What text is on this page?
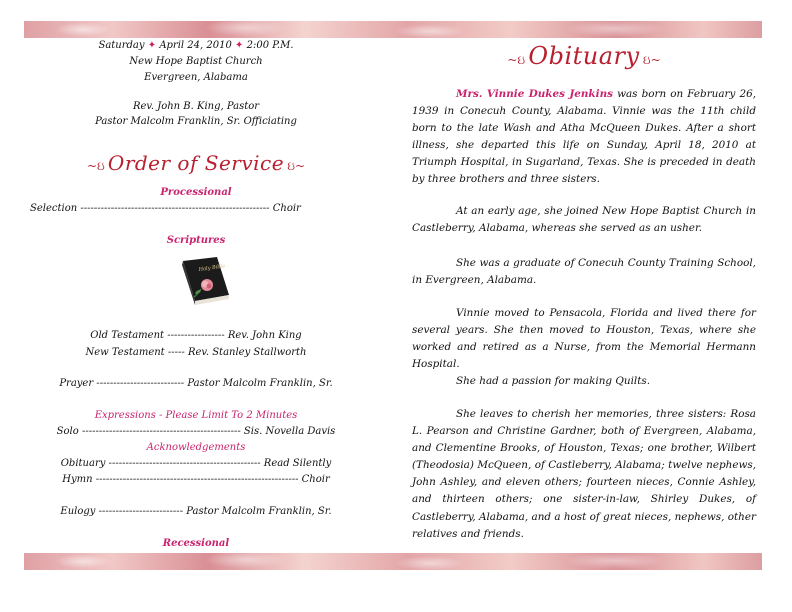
Saturday ✦ April 24, 2010 ✦ 2:00 P.M.
New Hope Baptist Church
Evergreen, Alabama
Rev. John B. King, Pastor
Pastor Malcolm Franklin, Sr. Officiating
~ઇ Order of Service ઇ~
Processional
Selection -------------------------------------------------------- Choir
Scriptures
Holy Bible
Old Testament ----------------- Rev. John King
New Testament ----- Rev. Stanley Stallworth
Prayer -------------------------- Pastor Malcolm Franklin, Sr.
Expressions - Please Limit To 2 Minutes
Solo ----------------------------------------------- Sis. Novella Davis
Acknowledgements
Obituary --------------------------------------------- Read Silently
Hymn ------------------------------------------------------------ Choir
Eulogy ------------------------- Pastor Malcolm Franklin, Sr.
Recessional
~ઇ Obituary ઇ~
Mrs. Vinnie Dukes Jenkins was born on February 26, 1939 in Conecuh County, Alabama. Vinnie was the 11th child born to the late Wash and Atha McQueen Dukes. After a short illness, she departed this life on Sunday, April 18, 2010 at Triumph Hospital, in Sugarland, Texas. She is preceded in death by three brothers and three sisters.
At an early age, she joined New Hope Baptist Church in Castleberry, Alabama, whereas she served as an usher.
She was a graduate of Conecuh County Training School, in Evergreen, Alabama.
Vinnie moved to Pensacola, Florida and lived there for several years. She then moved to Houston, Texas, where she worked and retired as a Nurse, from the Memorial Hermann Hospital.
She had a passion for making Quilts.
She leaves to cherish her memories, three sisters: Rosa L. Pearson and Christine Gardner, both of Evergreen, Alabama, and Clementine Brooks, of Houston, Texas; one brother, Wilbert (Theodosia) McQueen, of Castleberry, Alabama; twelve nephews, John Ashley, and eleven others; fourteen nieces, Connie Ashley, and thirteen others; one sister-in-law, Shirley Dukes, of Castleberry, Alabama, and a host of great nieces, nephews, other relatives and friends.
